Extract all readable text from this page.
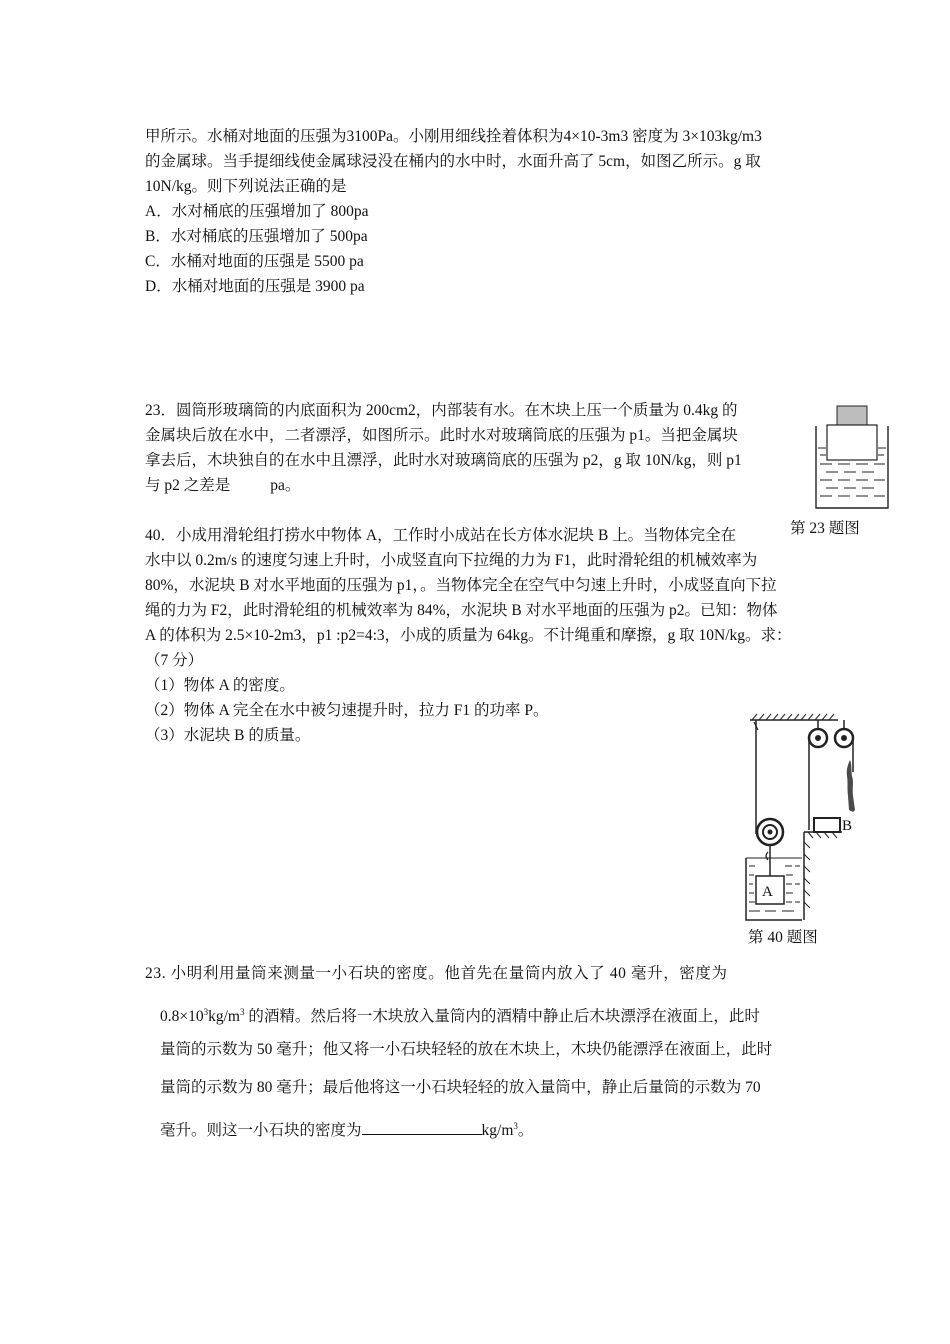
甲所示。水桶对地面的压强为3100Pa。小刚用细线拴着体积为4×10-3m3 密度为 3×103kg/m3
的金属球。当手提细线使金属球浸没在桶内的水中时，水面升高了 5cm，如图乙所示。g 取
10N/kg。则下列说法正确的是
A．水对桶底的压强增加了 800pa
B．水对桶底的压强增加了 500pa
C．水桶对地面的压强是 5500 pa
D．水桶对地面的压强是 3900 pa
23．圆筒形玻璃筒的内底面积为 200cm2，内部装有水。在木块上压一个质量为 0.4kg 的
金属块后放在水中，二者漂浮，如图所示。此时水对玻璃筒底的压强为 p1。当把金属块
拿去后，木块独自的在水中且漂浮，此时水对玻璃筒底的压强为 p2，g 取 10N/kg，则 p1
与 p2 之差是	pa。
第 23 题图
40．小成用滑轮组打捞水中物体 A，工作时小成站在长方体水泥块 B 上。当物体完全在
水中以 0.2m/s 的速度匀速上升时，小成竖直向下拉绳的力为 F1，此时滑轮组的机械效率为
80%，水泥块 B 对水平地面的压强为 p1，。当物体完全在空气中匀速上升时，小成竖直向下拉
绳的力为 F2，此时滑轮组的机械效率为 84%，水泥块 B 对水平地面的压强为 p2。已知：物体
A 的体积为 2.5×10-2m3，p1 :p2=4:3，小成的质量为 64kg。不计绳重和摩擦，g 取 10N/kg。求：
（7 分）
（1）物体 A 的密度。
（2）物体 A 完全在水中被匀速提升时，拉力 F1 的功率 P。
（3）水泥块 B 的质量。
A
B
第 40 题图
23. 小明利用量筒来测量一小石块的密度。他首先在量筒内放入了 40 毫升，密度为
$0.8\times 10^3kg/m^3$ 的酒精。然后将一木块放入量筒内的酒精中静止后木块漂浮在液面上，此时
量筒的示数为 50 毫升；他又将一小石块轻轻的放在木块上，木块仍能漂浮在液面上，此时
量筒的示数为 80 毫升；最后他将这一小石块轻轻的放入量筒中，静止后量筒的示数为 70
毫升。则这一小石块的密度为	$kg/m^3$。
